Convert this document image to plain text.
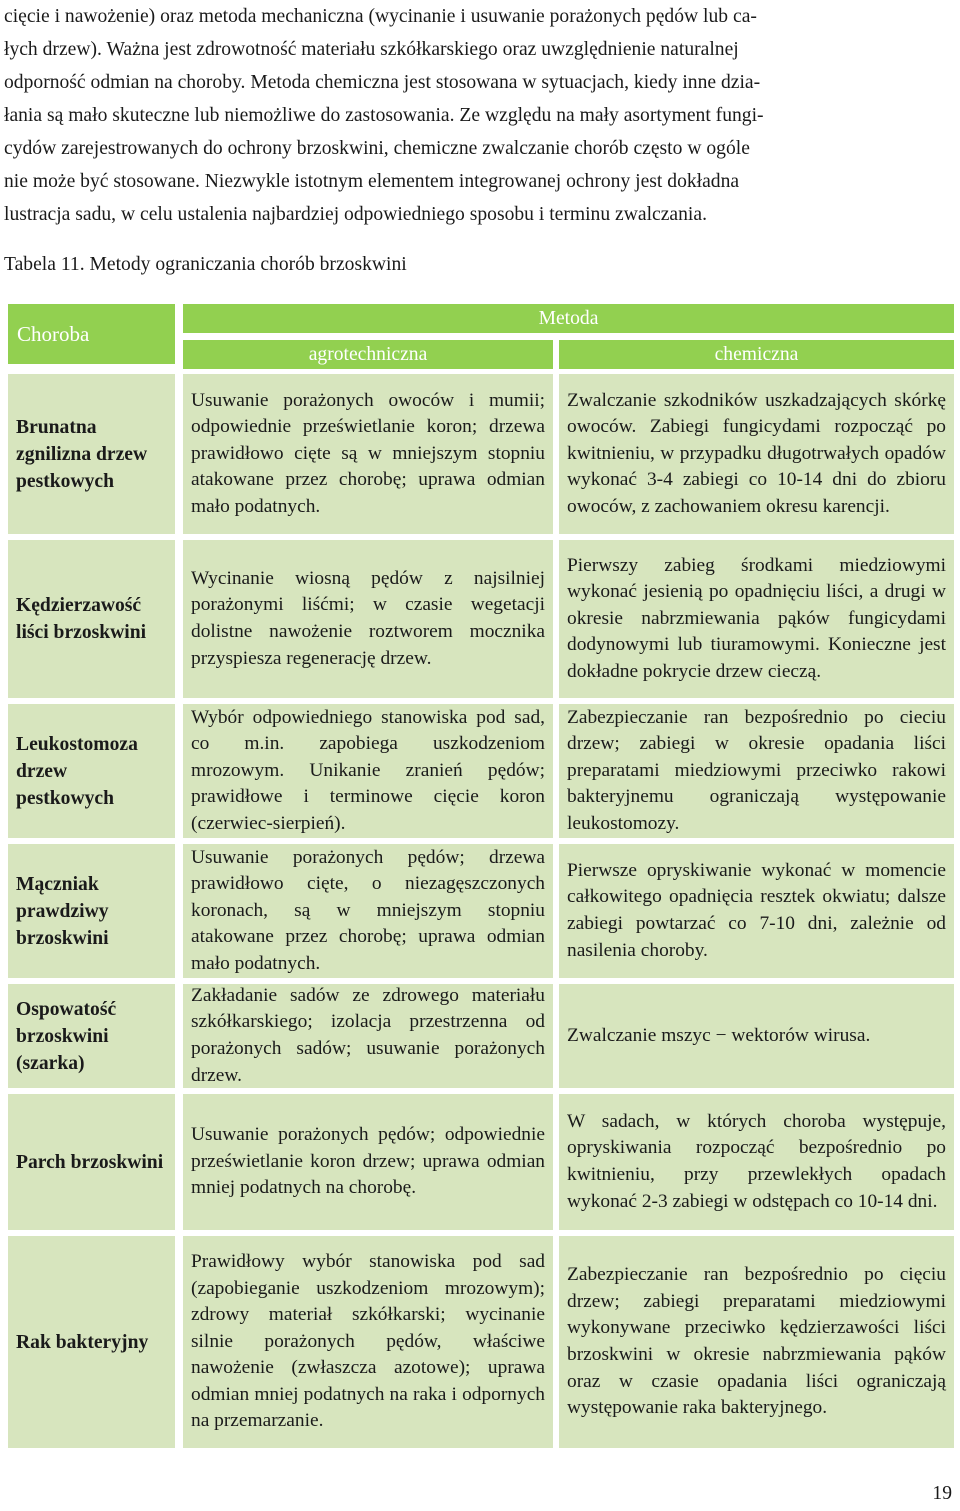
cięcie i nawożenie) oraz metoda mechaniczna (wycinanie i usuwanie porażonych pędów lub ca-

łych drzew). Ważna jest zdrowotność materiału szkółkarskiego oraz uwzględnienie naturalnej

odporność odmian na choroby. Metoda chemiczna jest stosowana w sytuacjach, kiedy inne dzia-

łania są mało skuteczne lub niemożliwe do zastosowania. Ze względu na mały asortyment fungi-

cydów zarejestrowanych do ochrony brzoskwini, chemiczne zwalczanie chorób często w ogóle

nie może być stosowane. Niezwykle istotnym elementem integrowanej ochrony jest dokładna

lustracja sadu, w celu ustalenia najbardziej odpowiedniego sposobu i terminu zwalczania.

Tabela 11. Metody ograniczania chorób brzoskwini
Choroba
Metoda
agrotechniczna	chemiczna
Brunatna zgnilizna drzew pestkowych
Usuwanie porażonych owoców i mumii; odpowiednie prześwietlanie koron; drzewa prawidłowo cięte są w mniejszym stopniu atakowane przez chorobę; uprawa odmian mało podatnych.
Zwalczanie szkodników uszkadzających skórkę owoców. Zabiegi fungicydami rozpocząć po kwitnieniu, w przypadku długotrwałych opadów wykonać 3-4 zabiegi co 10-14 dni do zbioru owoców, z zachowaniem okresu karencji.
Kędzierzawość liści brzoskwini
Wycinanie wiosną pędów z najsilniej porażonymi liśćmi; w czasie wegetacji dolistne nawożenie roztworem mocznika przyspiesza regenerację drzew.
Pierwszy zabieg środkami miedziowymi wykonać jesienią po opadnięciu liści, a drugi w okresie nabrzmiewania pąków fungicydami dodynowymi lub tiuramowymi. Konieczne jest dokładne pokrycie drzew cieczą.
Leukostomoza drzew pestkowych
Wybór odpowiedniego stanowiska pod sad, co m.in. zapobiega uszkodzeniom mrozowym. Unikanie zranień pędów; prawidłowe i terminowe cięcie koron (czerwiec-sierpień).
Zabezpieczanie ran bezpośrednio po cieciu drzew; zabiegi w okresie opadania liści preparatami miedziowymi przeciwko rakowi bakteryjnemu ograniczają występowanie leukostomozy.
Mączniak prawdziwy brzoskwini
Usuwanie porażonych pędów; drzewa prawidłowo cięte, o niezagęszczonych koronach, są w mniejszym stopniu atakowane przez chorobę; uprawa odmian mało podatnych.
Pierwsze opryskiwanie wykonać w momencie całkowitego opadnięcia resztek okwiatu; dalsze zabiegi powtarzać co 7-10 dni, zależnie od nasilenia choroby.
Ospowatość brzoskwini (szarka)
Zakładanie sadów ze zdrowego materiału szkółkarskiego; izolacja przestrzenna od porażonych sadów; usuwanie porażonych drzew.
Zwalczanie mszyc − wektorów wirusa.
Parch brzoskwini
Usuwanie porażonych pędów; odpowiednie prześwietlanie koron drzew; uprawa odmian mniej podatnych na chorobę.
W sadach, w których choroba występuje, opryskiwania rozpocząć bezpośrednio po kwitnieniu, przy przewlekłych opadach wykonać 2-3 zabiegi w odstępach co 10-14 dni.
Rak bakteryjny
Prawidłowy wybór stanowiska pod sad (zapobieganie uszkodzeniom mrozowym); zdrowy materiał szkółkarski; wycinanie silnie porażonych pędów, właściwe nawożenie (zwłaszcza azotowe); uprawa odmian mniej podatnych na raka i odpornych na przemarzanie.
Zabezpieczanie ran bezpośrednio po cięciu drzew; zabiegi preparatami miedziowymi wykonywane przeciwko kędzierzawości liści brzoskwini w okresie nabrzmiewania pąków oraz w czasie opadania liści ograniczają występowanie raka bakteryjnego.
19
